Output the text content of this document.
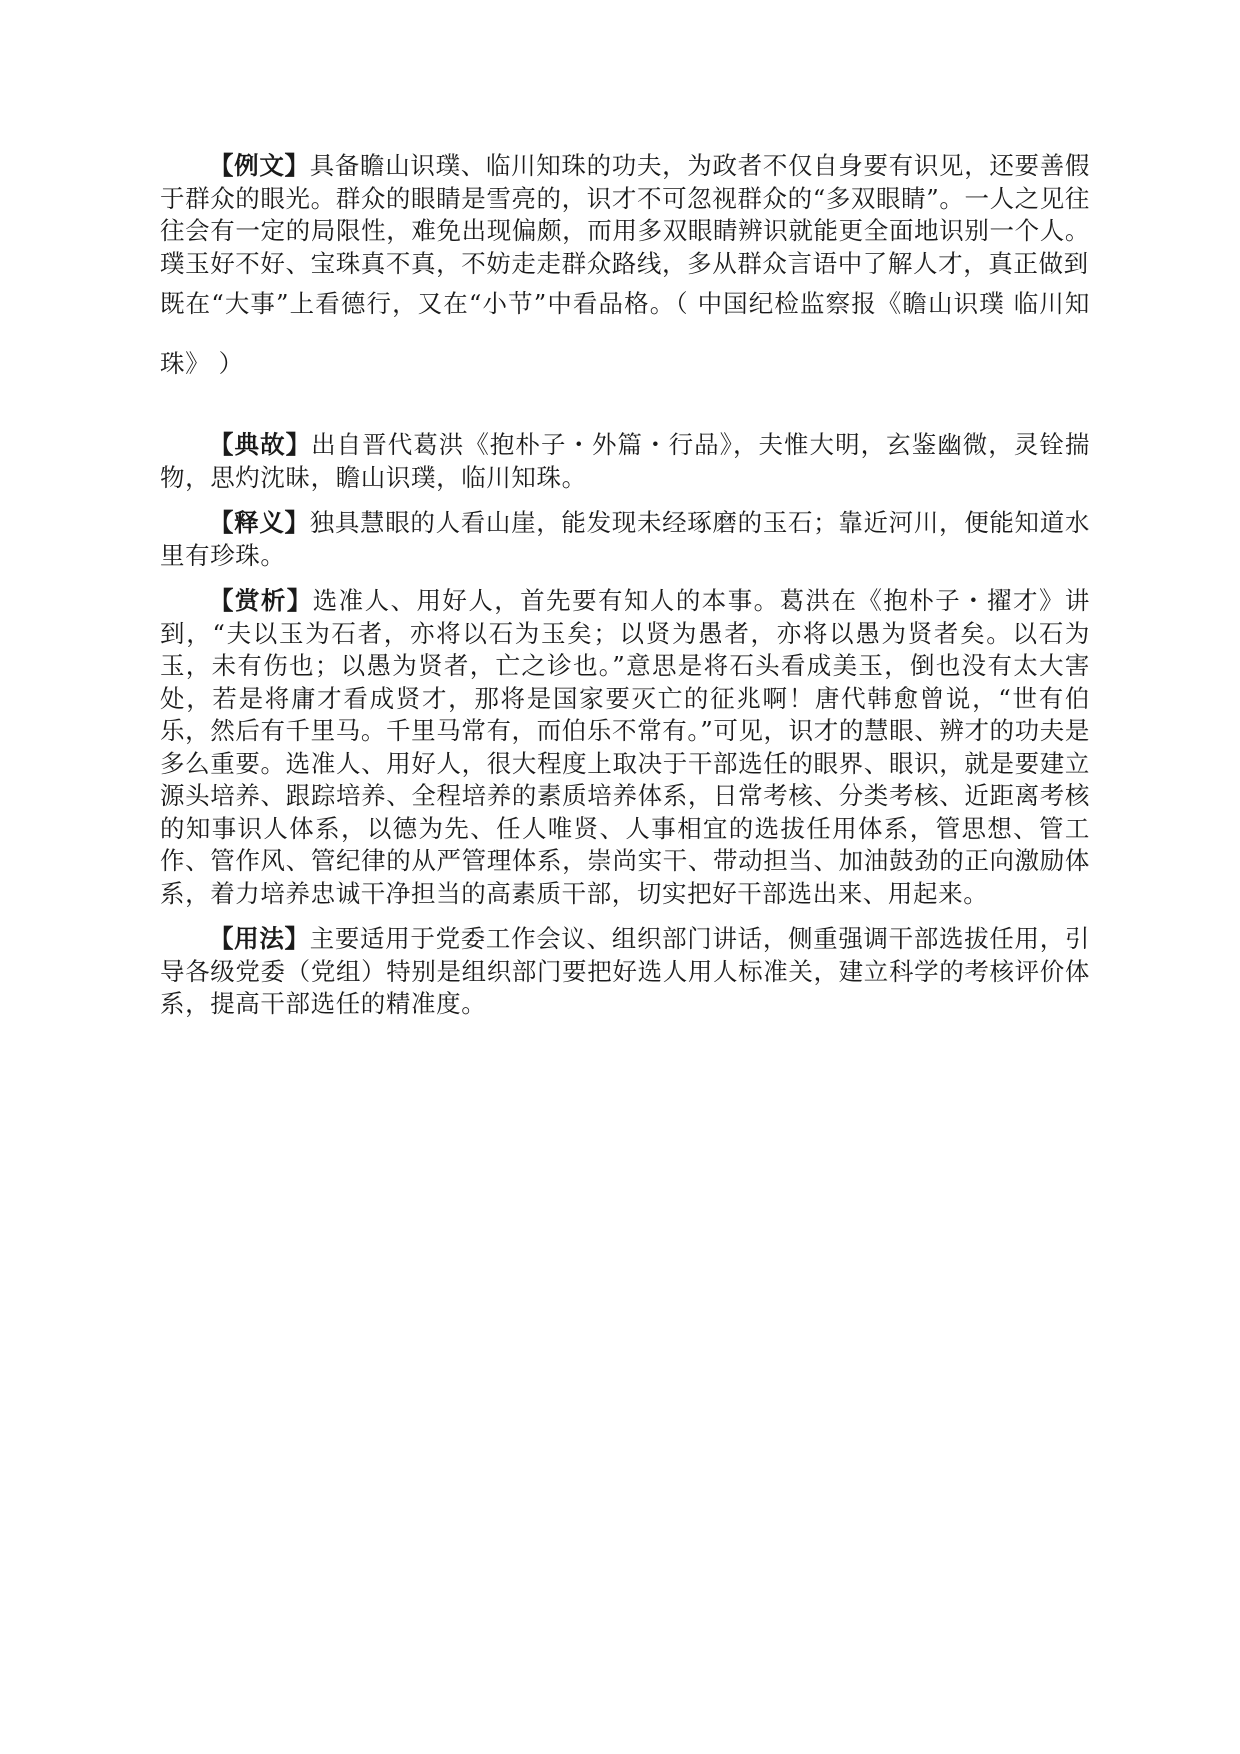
【例文】具备瞻山识璞、临川知珠的功夫，为政者不仅自身要有识见，还要善假于群众的眼光。群众的眼睛是雪亮的，识才不可忽视群众的“多双眼睛”。一人之见往往会有一定的局限性，难免出现偏颇，而用多双眼睛辨识就能更全面地识别一个人。璞玉好不好、宝珠真不真，不妨走走群众路线，多从群众言语中了解人才，真正做到
既在“大事”上看德行，又在“小节”中看品格。（ 中国纪检监察报《瞻山识璞 临川知珠》 ）

【典故】出自晋代葛洪《抱朴子・外篇・行品》，夫惟大明，玄鉴幽微，灵铨揣物，思灼沈昧，瞻山识璞，临川知珠。

【释义】独具慧眼的人看山崖，能发现未经琢磨的玉石；靠近河川，便能知道水里有珍珠。

【赏析】选准人、用好人，首先要有知人的本事。葛洪在《抱朴子・擢才》讲到，“夫以玉为石者，亦将以石为玉矣；以贤为愚者，亦将以愚为贤者矣。以石为玉，未有伤也；以愚为贤者，亡之诊也。”意思是将石头看成美玉，倒也没有太大害处，若是将庸才看成贤才，那将是国家要灭亡的征兆啊！唐代韩愈曾说，“世有伯乐，然后有千里马。千里马常有，而伯乐不常有。”可见，识才的慧眼、辨才的功夫是多么重要。选准人、用好人，很大程度上取决于干部选任的眼界、眼识，就是要建立源头培养、跟踪培养、全程培养的素质培养体系，日常考核、分类考核、近距离考核的知事识人体系，以德为先、任人唯贤、人事相宜的选拔任用体系，管思想、管工作、管作风、管纪律的从严管理体系，崇尚实干、带动担当、加油鼓劲的正向激励体系，着力培养忠诚干净担当的高素质干部，切实把好干部选出来、用起来。

【用法】主要适用于党委工作会议、组织部门讲话，侧重强调干部选拔任用，引导各级党委（党组）特别是组织部门要把好选人用人标准关，建立科学的考核评价体系，提高干部选任的精准度。
